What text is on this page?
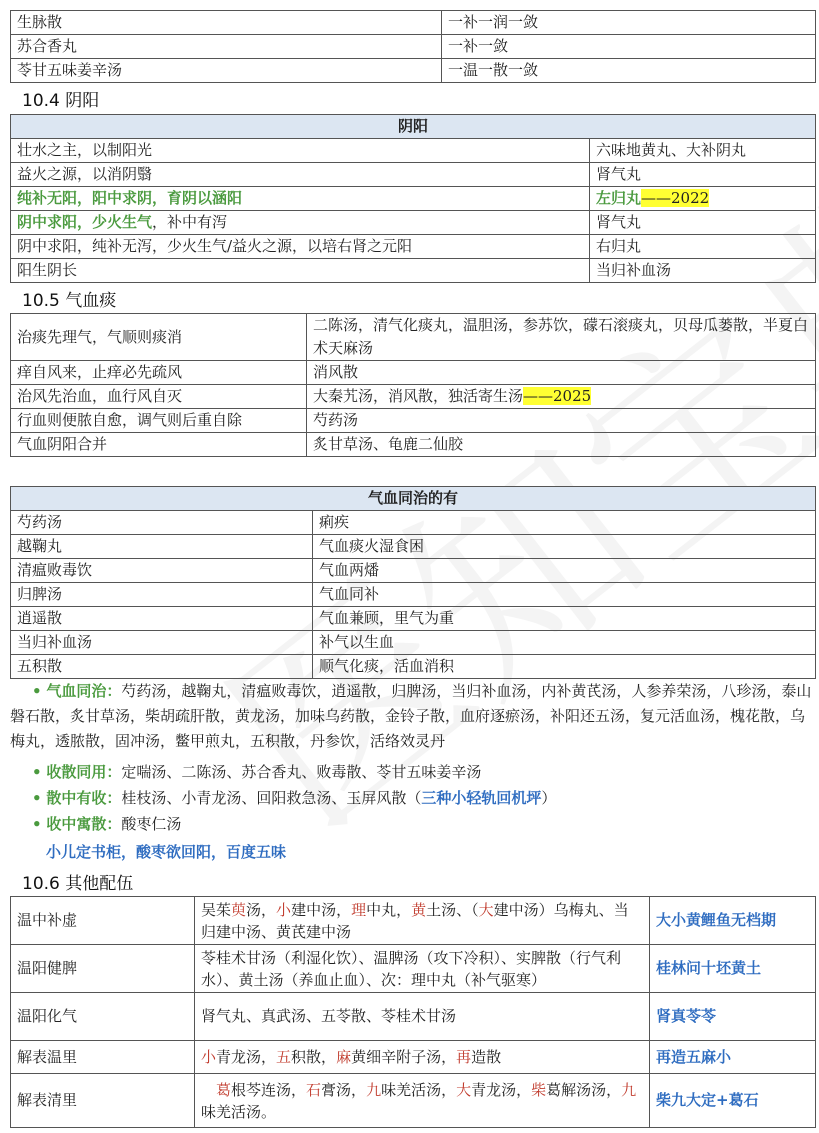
生脉散	一补一润一敛
苏合香丸	一补一敛
苓甘五味姜辛汤	一温一散一敛
10.4 阴阳
阴阳	
壮水之主，以制阳光	六味地黄丸、大补阴丸
益火之源，以消阴翳	肾气丸
纯补无阳，阳中求阴，育阴以涵阳	左归丸——2022
阴中求阳，少火生气，补中有泻	肾气丸
阴中求阳，纯补无泻，少火生气/益火之源，以培右肾之元阳	右归丸
阳生阴长	当归补血汤
10.5 气血痰
治痰先理气，气顺则痰消	二陈汤，清气化痰丸，温胆汤，参苏饮，礞石滚痰丸，贝母瓜蒌散，半夏白术天麻汤
痒自风来，止痒必先疏风	消风散
治风先治血，血行风自灭	大秦艽汤，消风散，独活寄生汤——2025
行血则便脓自愈，调气则后重自除	芍药汤
气血阴阳合并	炙甘草汤、龟鹿二仙胶
气血同治的有	
芍药汤	痢疾
越鞠丸	气血痰火湿食困
清瘟败毒饮	气血两燔
归脾汤	气血同补
逍遥散	气血兼顾，里气为重
当归补血汤	补气以生血
五积散	顺气化痰，活血消积
• 气血同治：芍药汤，越鞠丸，清瘟败毒饮，逍遥散，归脾汤，当归补血汤，内补黄芪汤，人参养荣汤，八珍汤，泰山磐石散，炙甘草汤，柴胡疏肝散，黄龙汤，加味乌药散，金铃子散，血府逐瘀汤，补阳还五汤，复元活血汤，槐花散，乌梅丸，透脓散，固冲汤，鳖甲煎丸，五积散，丹参饮，活络效灵丹
• 收散同用：定喘汤、二陈汤、苏合香丸、败毒散、苓甘五味姜辛汤
• 散中有收：桂枝汤、小青龙汤、回阳救急汤、玉屏风散（三种小轻轨回机坪）
• 收中寓散：酸枣仁汤
小儿定书柜，酸枣欲回阳，百度五味
10.6 其他配伍
温中补虚	吴茱萸汤，小建中汤，理中丸，黄土汤、（大建中汤）乌梅丸、当归建中汤、黄芪建中汤	大小黄鲤鱼无档期
温阳健脾	苓桂术甘汤（利湿化饮）、温脾汤（攻下冷积）、实脾散（行气利水）、黄土汤（养血止血）、次：理中丸（补气驱寒）	桂林问十坯黄土
温阳化气	肾气丸、真武汤、五苓散、苓桂术甘汤	肾真苓苓
解表温里	小青龙汤，五积散，麻黄细辛附子汤，再造散	再造五麻小
解表清里	葛根芩连汤，石膏汤，九味羌活汤，大青龙汤，柴葛解汤汤，九味羌活汤。	柴九大定+葛石
